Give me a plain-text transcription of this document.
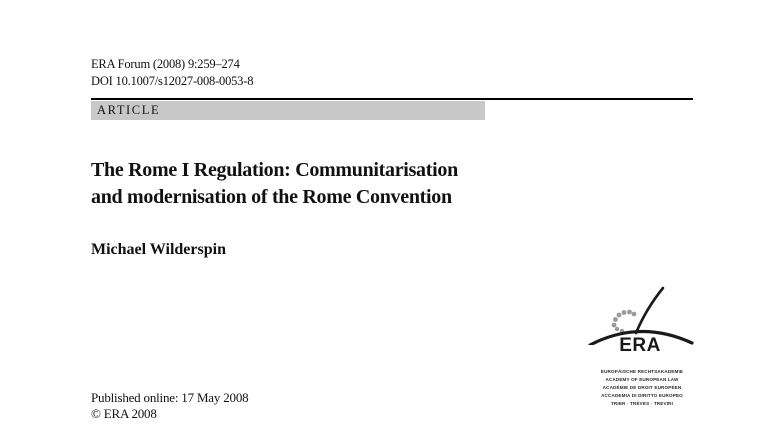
ERA Forum (2008) 9:259–274
DOI 10.1007/s12027-008-0053-8
ARTICLE
The Rome I Regulation: Communitarisation
and modernisation of the Rome Convention
Michael Wilderspin
Published online: 17 May 2008
© ERA 2008
ERA
EUROPÄISCHE RECHTSAKADEMIE
ACADEMY OF EUROPEAN LAW
ACADÉMIE DE DROIT EUROPÉEN
ACCADEMIA DI DIRITTO EUROPEO
TRIER · TRÈVES · TREVIRI
